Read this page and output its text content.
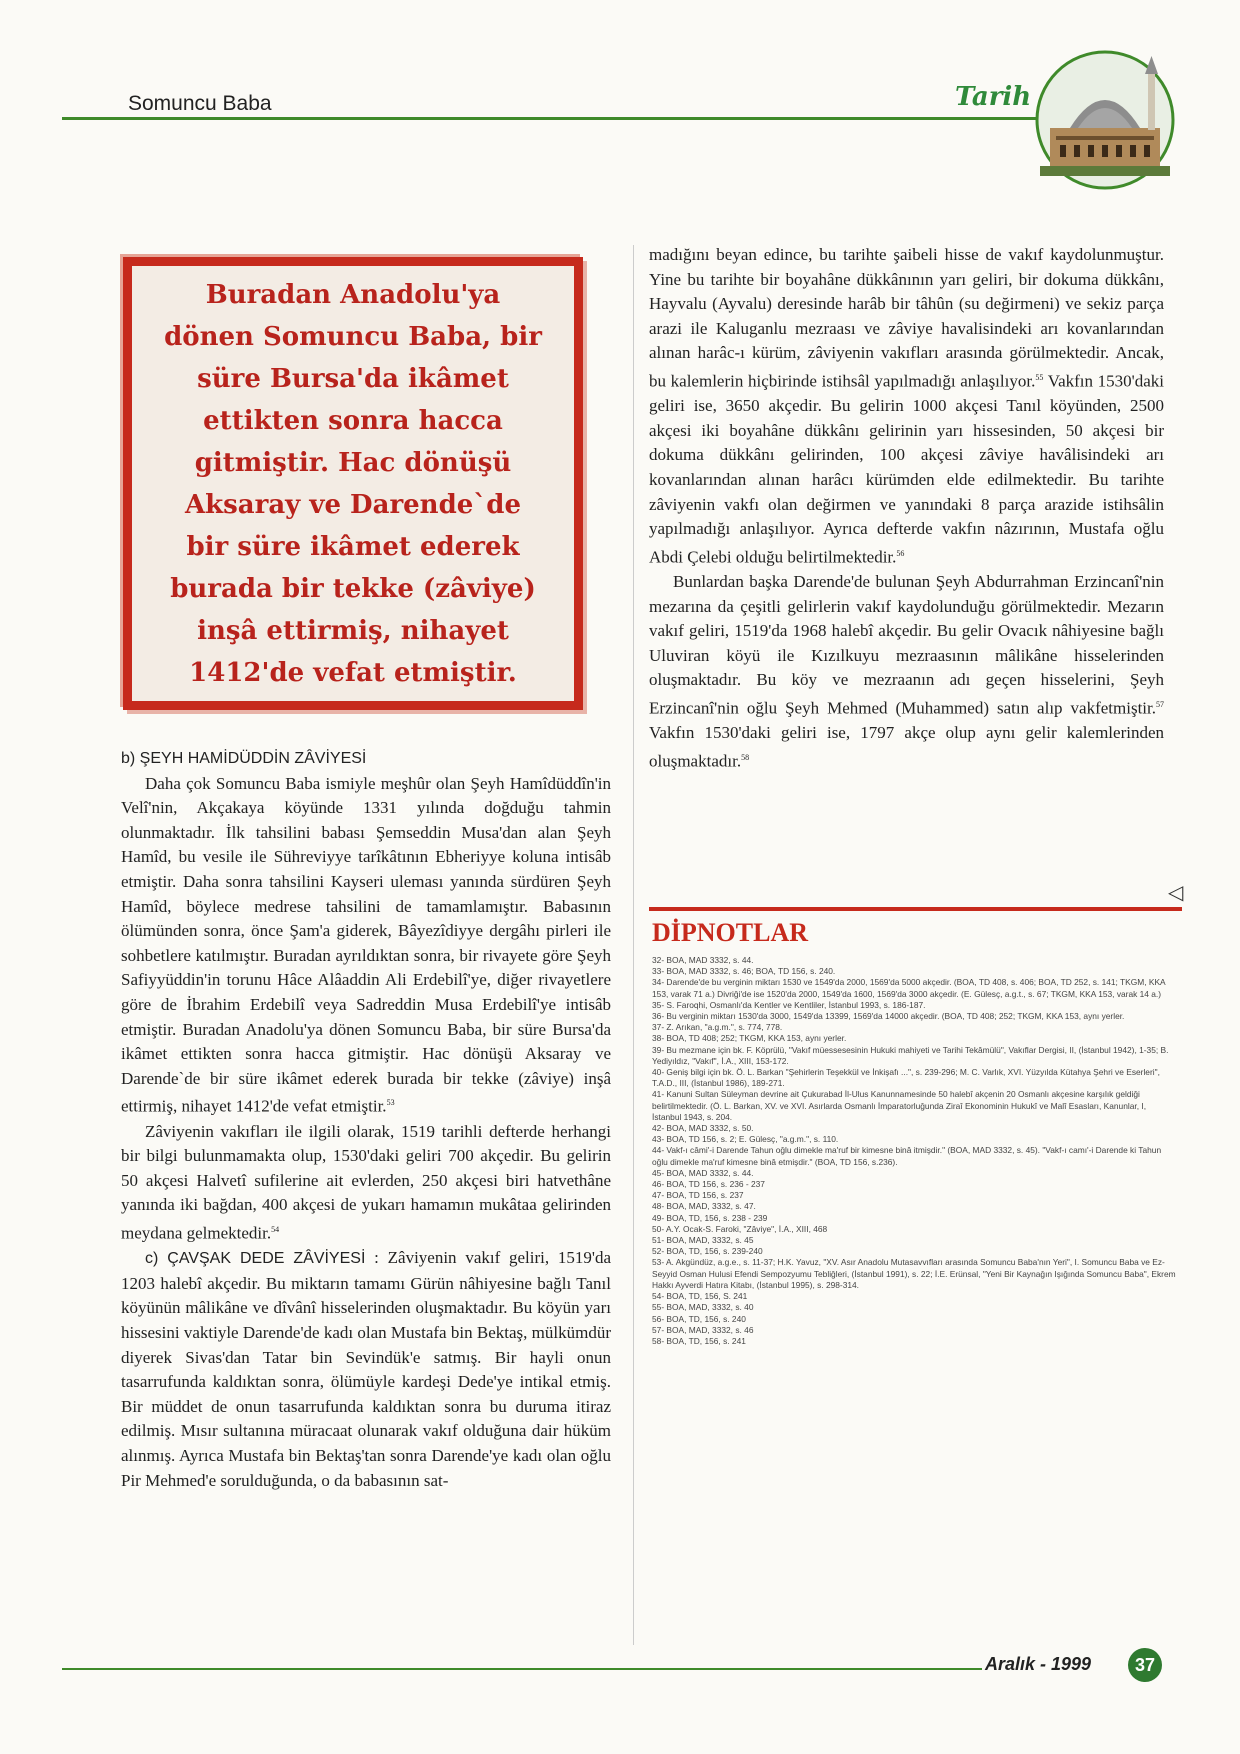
Somuncu Baba	Tarih
Buradan Anadolu'ya dönen Somuncu Baba, bir süre Bursa'da ikâmet ettikten sonra hacca gitmiştir. Hac dönüşü Aksaray ve Darende`de bir süre ikâmet ederek burada bir tekke (zâviye) inşâ ettirmiş, nihayet 1412'de vefat etmiştir.

b) ŞEYH HAMİDÜDDİN ZÂVİYESİ

Daha çok Somuncu Baba ismiyle meşhûr olan Şeyh Hamîdüddîn'in Velî'nin, Akçakaya köyünde 1331 yılında doğduğu tahmin olunmaktadır. İlk tahsilini babası Şemseddin Musa'dan alan Şeyh Hamîd, bu vesile ile Sühreviyye tarîkâtının Ebheriyye koluna intisâb etmiştir. Daha sonra tahsilini Kayseri uleması yanında sürdüren Şeyh Hamîd, böylece medrese tahsilini de tamamlamıştır. Babasının ölümünden sonra, önce Şam'a giderek, Bâyezîdiyye dergâhı pirleri ile sohbetlere katılmıştır. Buradan ayrıldıktan sonra, bir rivayete göre Şeyh Safiyyüddin'in torunu Hâce Alâaddin Ali Erdebilî'ye, diğer rivayetlere göre de İbrahim Erdebilî veya Sadreddin Musa Erdebilî'ye intisâb etmiştir. Buradan Anadolu'ya dönen Somuncu Baba, bir süre Bursa'da ikâmet ettikten sonra hacca gitmiştir. Hac dönüşü Aksaray ve Darende`de bir süre ikâmet ederek burada bir tekke (zâviye) inşâ ettirmiş, nihayet 1412'de vefat etmiştir.$^{53}$

Zâviyenin vakıfları ile ilgili olarak, 1519 tarihli defterde herhangi bir bilgi bulunmamakta olup, 1530'daki geliri 700 akçedir. Bu gelirin 50 akçesi Halvetî sufilerine ait evlerden, 250 akçesi biri hatvethâne yanında iki bağdan, 400 akçesi de yukarı hamamın mukâtaa gelirinden meydana gelmektedir.$^{54}$

c) ÇAVŞAK DEDE ZÂVİYESİ : Zâviyenin vakıf geliri, 1519'da 1203 halebî akçedir. Bu miktarın tamamı Gürün nâhiyesine bağlı Tanıl köyünün mâlikâne ve dîvânî hisselerinden oluşmaktadır. Bu köyün yarı hissesini vaktiyle Darende'de kadı olan Mustafa bin Bektaş, mülkümdür diyerek Sivas'dan Tatar bin Sevindük'e satmış. Bir hayli onun tasarrufunda kaldıktan sonra, ölümüyle kardeşi Dede'ye intikal etmiş. Bir müddet de onun tasarrufunda kaldıktan sonra bu duruma itiraz edilmiş. Mısır sultanına müracaat olunarak vakıf olduğuna dair hüküm alınmış. Ayrıca Mustafa bin Bektaş'tan sonra Darende'ye kadı olan oğlu Pir Mehmed'e sorulduğunda, o da babasının sat-

madığını beyan edince, bu tarihte şaibeli hisse de vakıf kaydolunmuştur. Yine bu tarihte bir boyahâne dükkânının yarı geliri, bir dokuma dükkânı, Hayvalu (Ayvalu) deresinde harâb bir tâhûn (su değirmeni) ve sekiz parça arazi ile Kaluganlu mezraası ve zâviye havalisindeki arı kovanlarından alınan harâc-ı kürüm, zâviyenin vakıfları arasında görülmektedir. Ancak, bu kalemlerin hiçbirinde istihsâl yapılmadığı anlaşılıyor.$^{55}$ Vakfın 1530'daki geliri ise, 3650 akçedir. Bu gelirin 1000 akçesi Tanıl köyünden, 2500 akçesi iki boyahâne dükkânı gelirinin yarı hissesinden, 50 akçesi bir dokuma dükkânı gelirinden, 100 akçesi zâviye havâlisindeki arı kovanlarından alınan harâcı kürümden elde edilmektedir. Bu tarihte zâviyenin vakfı olan değirmen ve yanındaki 8 parça arazide istihsâlin yapılmadığı anlaşılıyor. Ayrıca defterde vakfın nâzırının, Mustafa oğlu Abdi Çelebi olduğu belirtilmektedir.$^{56}$

Bunlardan başka Darende'de bulunan Şeyh Abdurrahman Erzincanî'nin mezarına da çeşitli gelirlerin vakıf kaydolunduğu görülmektedir. Mezarın vakıf geliri, 1519'da 1968 halebî akçedir. Bu gelir Ovacık nâhiyesine bağlı Uluviran köyü ile Kızılkuyu mezraasının mâlikâne hisselerinden oluşmaktadır. Bu köy ve mezraanın adı geçen hisselerini, Şeyh Erzincanî'nin oğlu Şeyh Mehmed (Muhammed) satın alıp vakfetmiştir.$^{57}$ Vakfın 1530'daki geliri ise, 1797 akçe olup aynı gelir kalemlerinden oluşmaktadır.$^{58}$

◁
DİPNOTLAR
32- BOA, MAD 3332, s. 44.
33- BOA, MAD 3332, s. 46; BOA, TD 156, s. 240.
34- Darende'de bu verginin miktarı 1530 ve 1549'da 2000, 1569'da 5000 akçedir. (BOA, TD 408, s. 406; BOA, TD 252, s. 141; TKGM, KKA 153, varak 71 a.) Divriği'de ise 1520'da 2000, 1549'da 1600, 1569'da 3000 akçedir. (E. Gülesç, a.g.t., s. 67; TKGM, KKA 153, varak 14 a.)
35- S. Faroqhi, Osmanlı'da Kentler ve Kentliler, İstanbul 1993, s. 186-187.
36- Bu verginin miktarı 1530'da 3000, 1549'da 13399, 1569'da 14000 akçedir. (BOA, TD 408; 252; TKGM, KKA 153, aynı yerler.
37- Z. Arıkan, "a.g.m.", s. 774, 778.
38- BOA, TD 408; 252; TKGM, KKA 153, aynı yerler.
39- Bu mezmane için bk. F. Köprülü, "Vakıf müessesesinin Hukuki mahiyeti ve Tarihi Tekâmülü", Vakıflar Dergisi, II, (İstanbul 1942), 1-35; B. Yediyıldız, "Vakıf", İ.A., XIII, 153-172.
40- Geniş bilgi için bk. Ö. L. Barkan "Şehirlerin Teşekkül ve İnkişafı ...", s. 239-296; M. C. Varlık, XVI. Yüzyılda Kütahya Şehri ve Eserleri", T.A.D., III, (İstanbul 1986), 189-271.
41- Kanuni Sultan Süleyman devrine ait Çukurabad İl-Ulus Kanunnamesinde 50 halebî akçenin 20 Osmanlı akçesine karşılık geldiği belirtilmektedir. (Ö. L. Barkan, XV. ve XVI. Asırlarda Osmanlı İmparatorluğunda Ziraî Ekonominin Hukukî ve Malî Esasları, Kanunlar, I, İstanbul 1943, s. 204.
42- BOA, MAD 3332, s. 50.
43- BOA, TD 156, s. 2; E. Gülesç, "a.g.m.", s. 110.
44- Vakf-ı câmi'-i Darende Tahun oğlu dimekle ma'ruf bir kimesne binâ itmişdir." (BOA, MAD 3332, s. 45). "Vakf-ı camı'-i Darende ki Tahun oğlu dimekle ma'ruf kimesne binâ etmişdir." (BOA, TD 156, s.236).
45- BOA, MAD 3332, s. 44.
46- BOA, TD 156, s. 236 - 237
47- BOA, TD 156, s. 237
48- BOA, MAD, 3332, s. 47.
49- BOA, TD, 156, s. 238 - 239
50- A.Y. Ocak-S. Faroki, "Zâviye", İ.A., XIII, 468
51- BOA, MAD, 3332, s. 45
52- BOA, TD, 156, s. 239-240
53- A. Akgündüz, a.g.e., s. 11-37; H.K. Yavuz, "XV. Asır Anadolu Mutasavvıfları arasında Somuncu Baba'nın Yeri", I. Somuncu Baba ve Ez-Seyyid Osman Hulusi Efendi Sempozyumu Tebliğleri, (İstanbul 1991), s. 22; İ.E. Erünsal, "Yeni Bir Kaynağın Işığında Somuncu Baba", Ekrem Hakkı Ayverdi Hatıra Kitabı, (İstanbul 1995), s. 298-314.
54- BOA, TD, 156, S. 241
55- BOA, MAD, 3332, s. 40
56- BOA, TD, 156, s. 240
57- BOA, MAD, 3332, s. 46
58- BOA, TD, 156, s. 241
Aralık - 1999	37
